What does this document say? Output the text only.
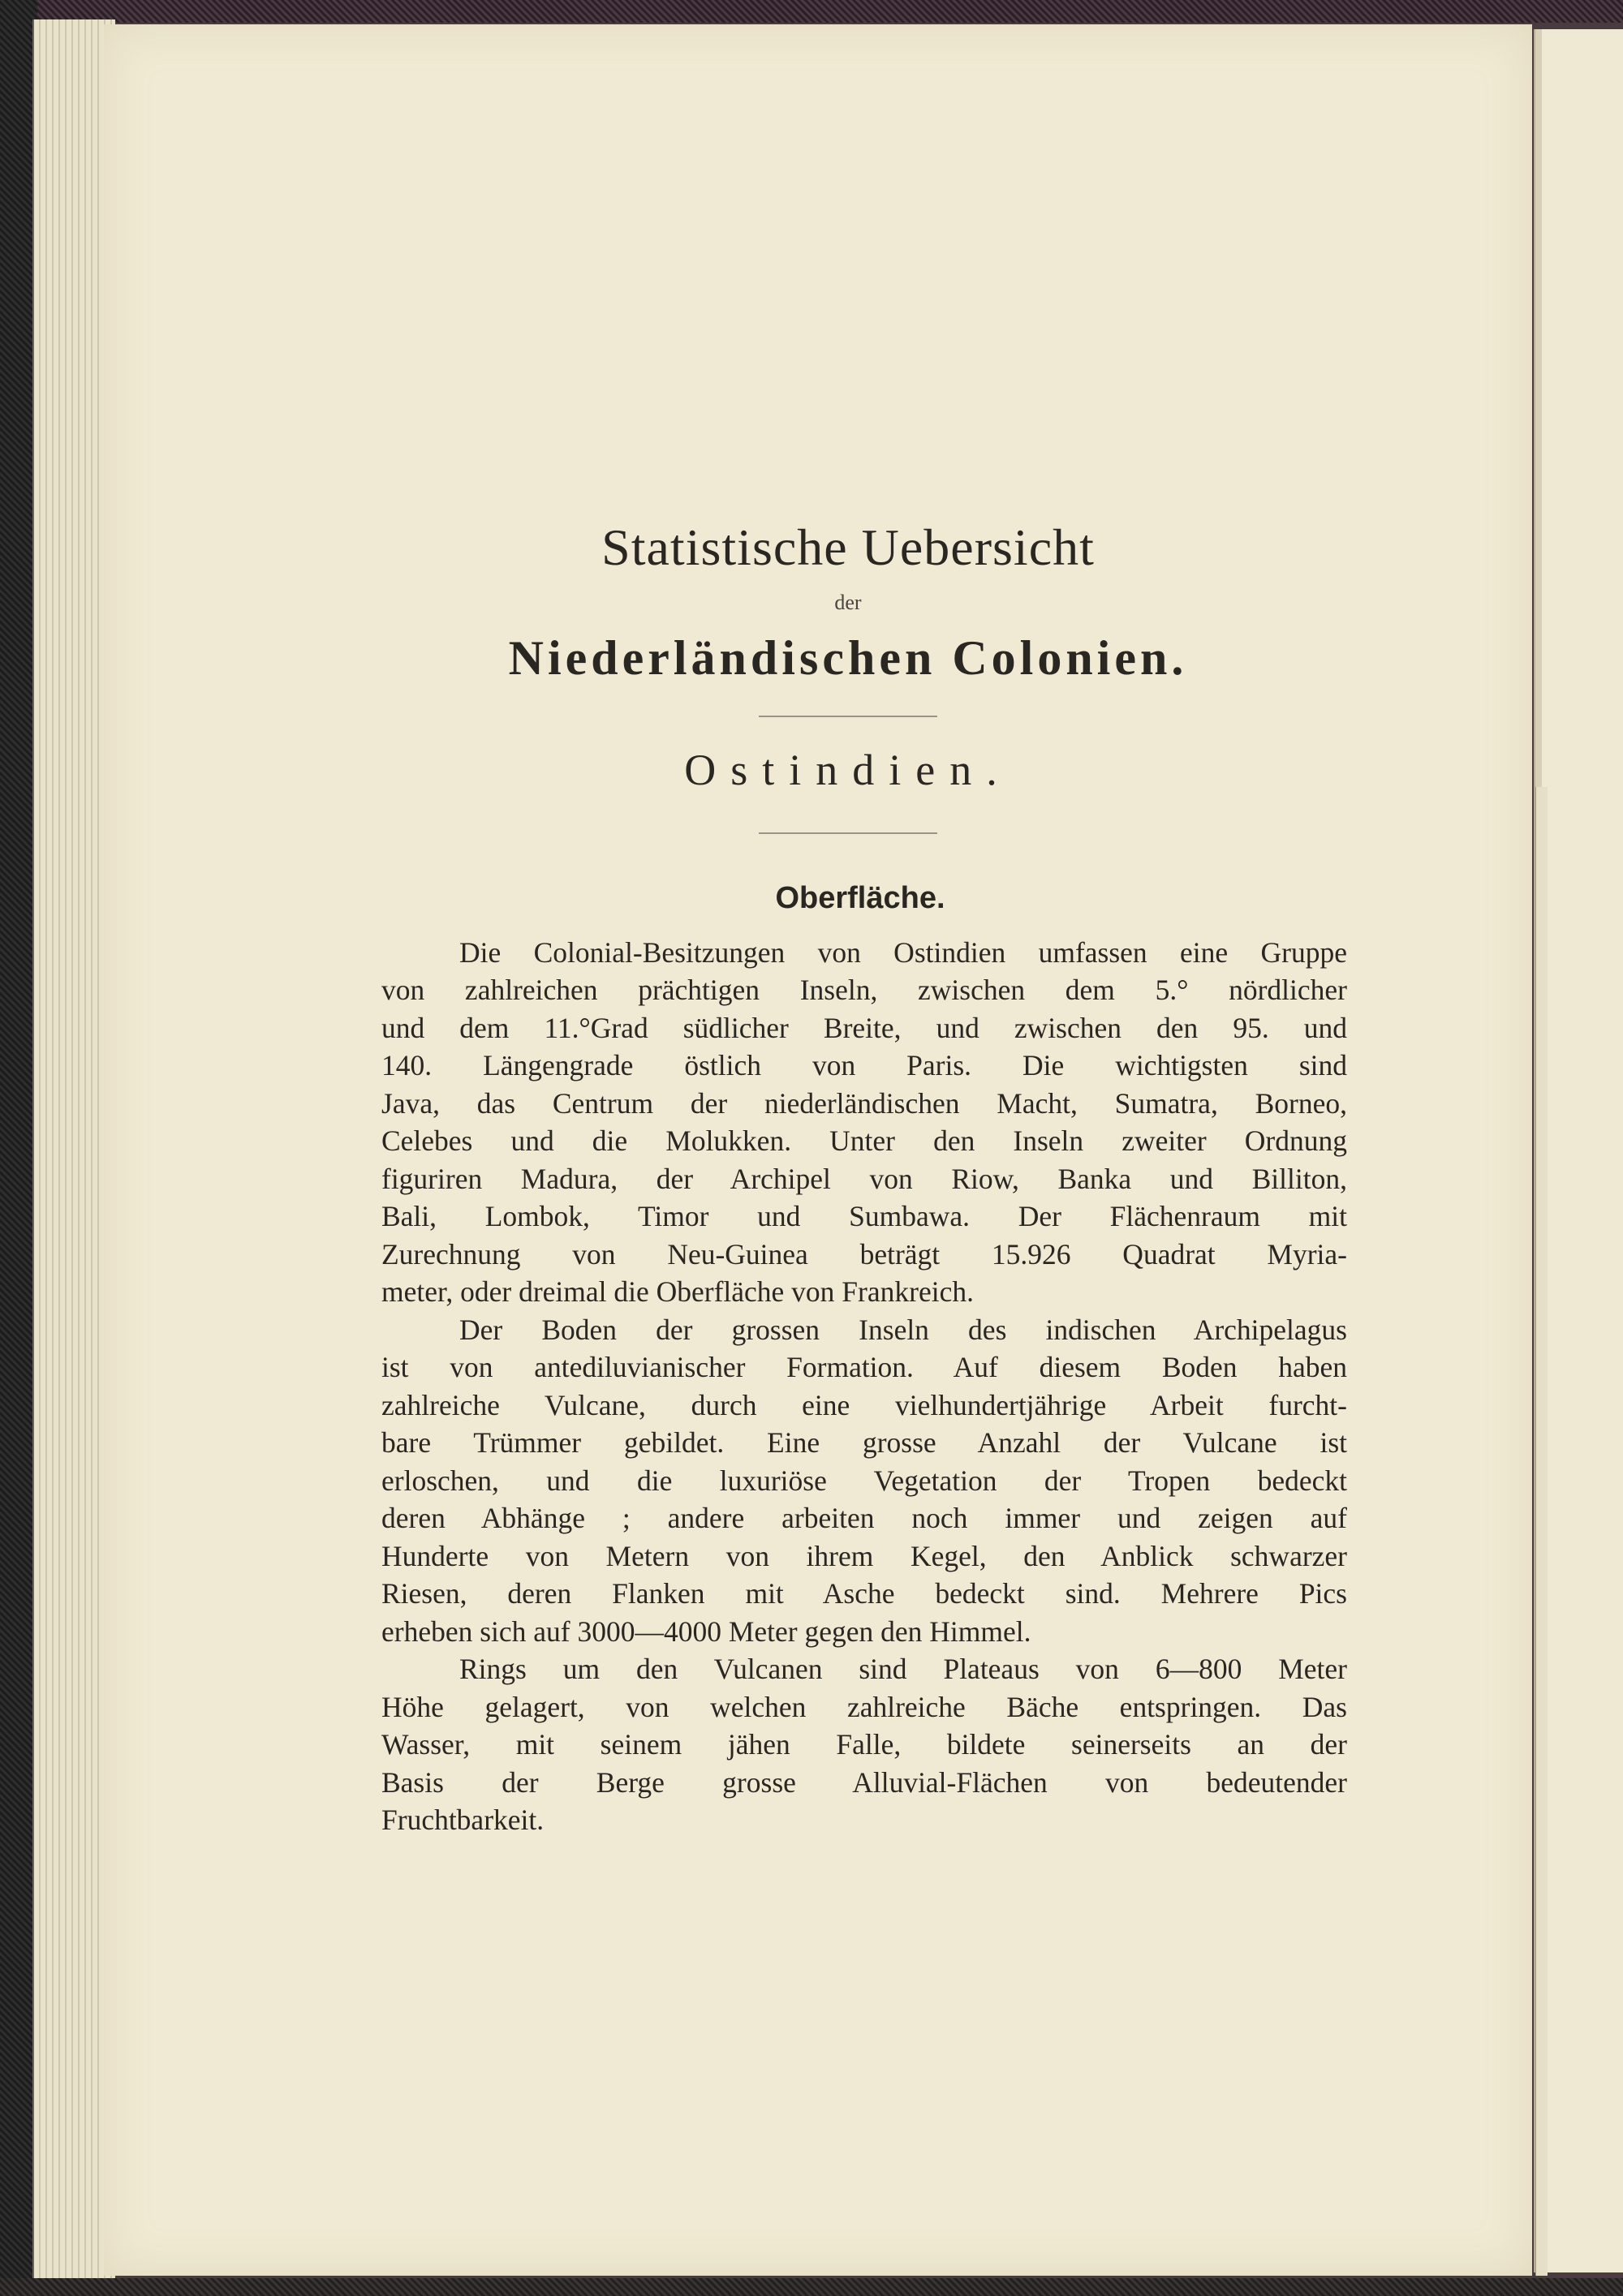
Statistische Uebersicht
der
Niederländischen Colonien.
Ostindien.
Oberfläche.
Die Colonial-Besitzungen von Ostindien umfassen eine Gruppe
von zahlreichen prächtigen Inseln, zwischen dem 5.° nördlicher
und dem 11.°Grad südlicher Breite, und zwischen den 95. und
140. Längengrade östlich von Paris. Die wichtigsten sind
Java, das Centrum der niederländischen Macht, Sumatra, Borneo,
Celebes und die Molukken. Unter den Inseln zweiter Ordnung
figuriren Madura, der Archipel von Riow, Banka und Billiton,
Bali, Lombok, Timor und Sumbawa. Der Flächenraum mit
Zurechnung von Neu-Guinea beträgt 15.926 Quadrat Myria-
meter, oder dreimal die Oberfläche von Frankreich.
Der Boden der grossen Inseln des indischen Archipelagus
ist von antediluvianischer Formation. Auf diesem Boden haben
zahlreiche Vulcane, durch eine vielhundertjährige Arbeit furcht-
bare Trümmer gebildet. Eine grosse Anzahl der Vulcane ist
erloschen, und die luxuriöse Vegetation der Tropen bedeckt
deren Abhänge ; andere arbeiten noch immer und zeigen auf
Hunderte von Metern von ihrem Kegel, den Anblick schwarzer
Riesen, deren Flanken mit Asche bedeckt sind. Mehrere Pics
erheben sich auf 3000—4000 Meter gegen den Himmel.
Rings um den Vulcanen sind Plateaus von 6—800 Meter
Höhe gelagert, von welchen zahlreiche Bäche entspringen. Das
Wasser, mit seinem jähen Falle, bildete seinerseits an der
Basis der Berge grosse Alluvial-Flächen von bedeutender
Fruchtbarkeit.
